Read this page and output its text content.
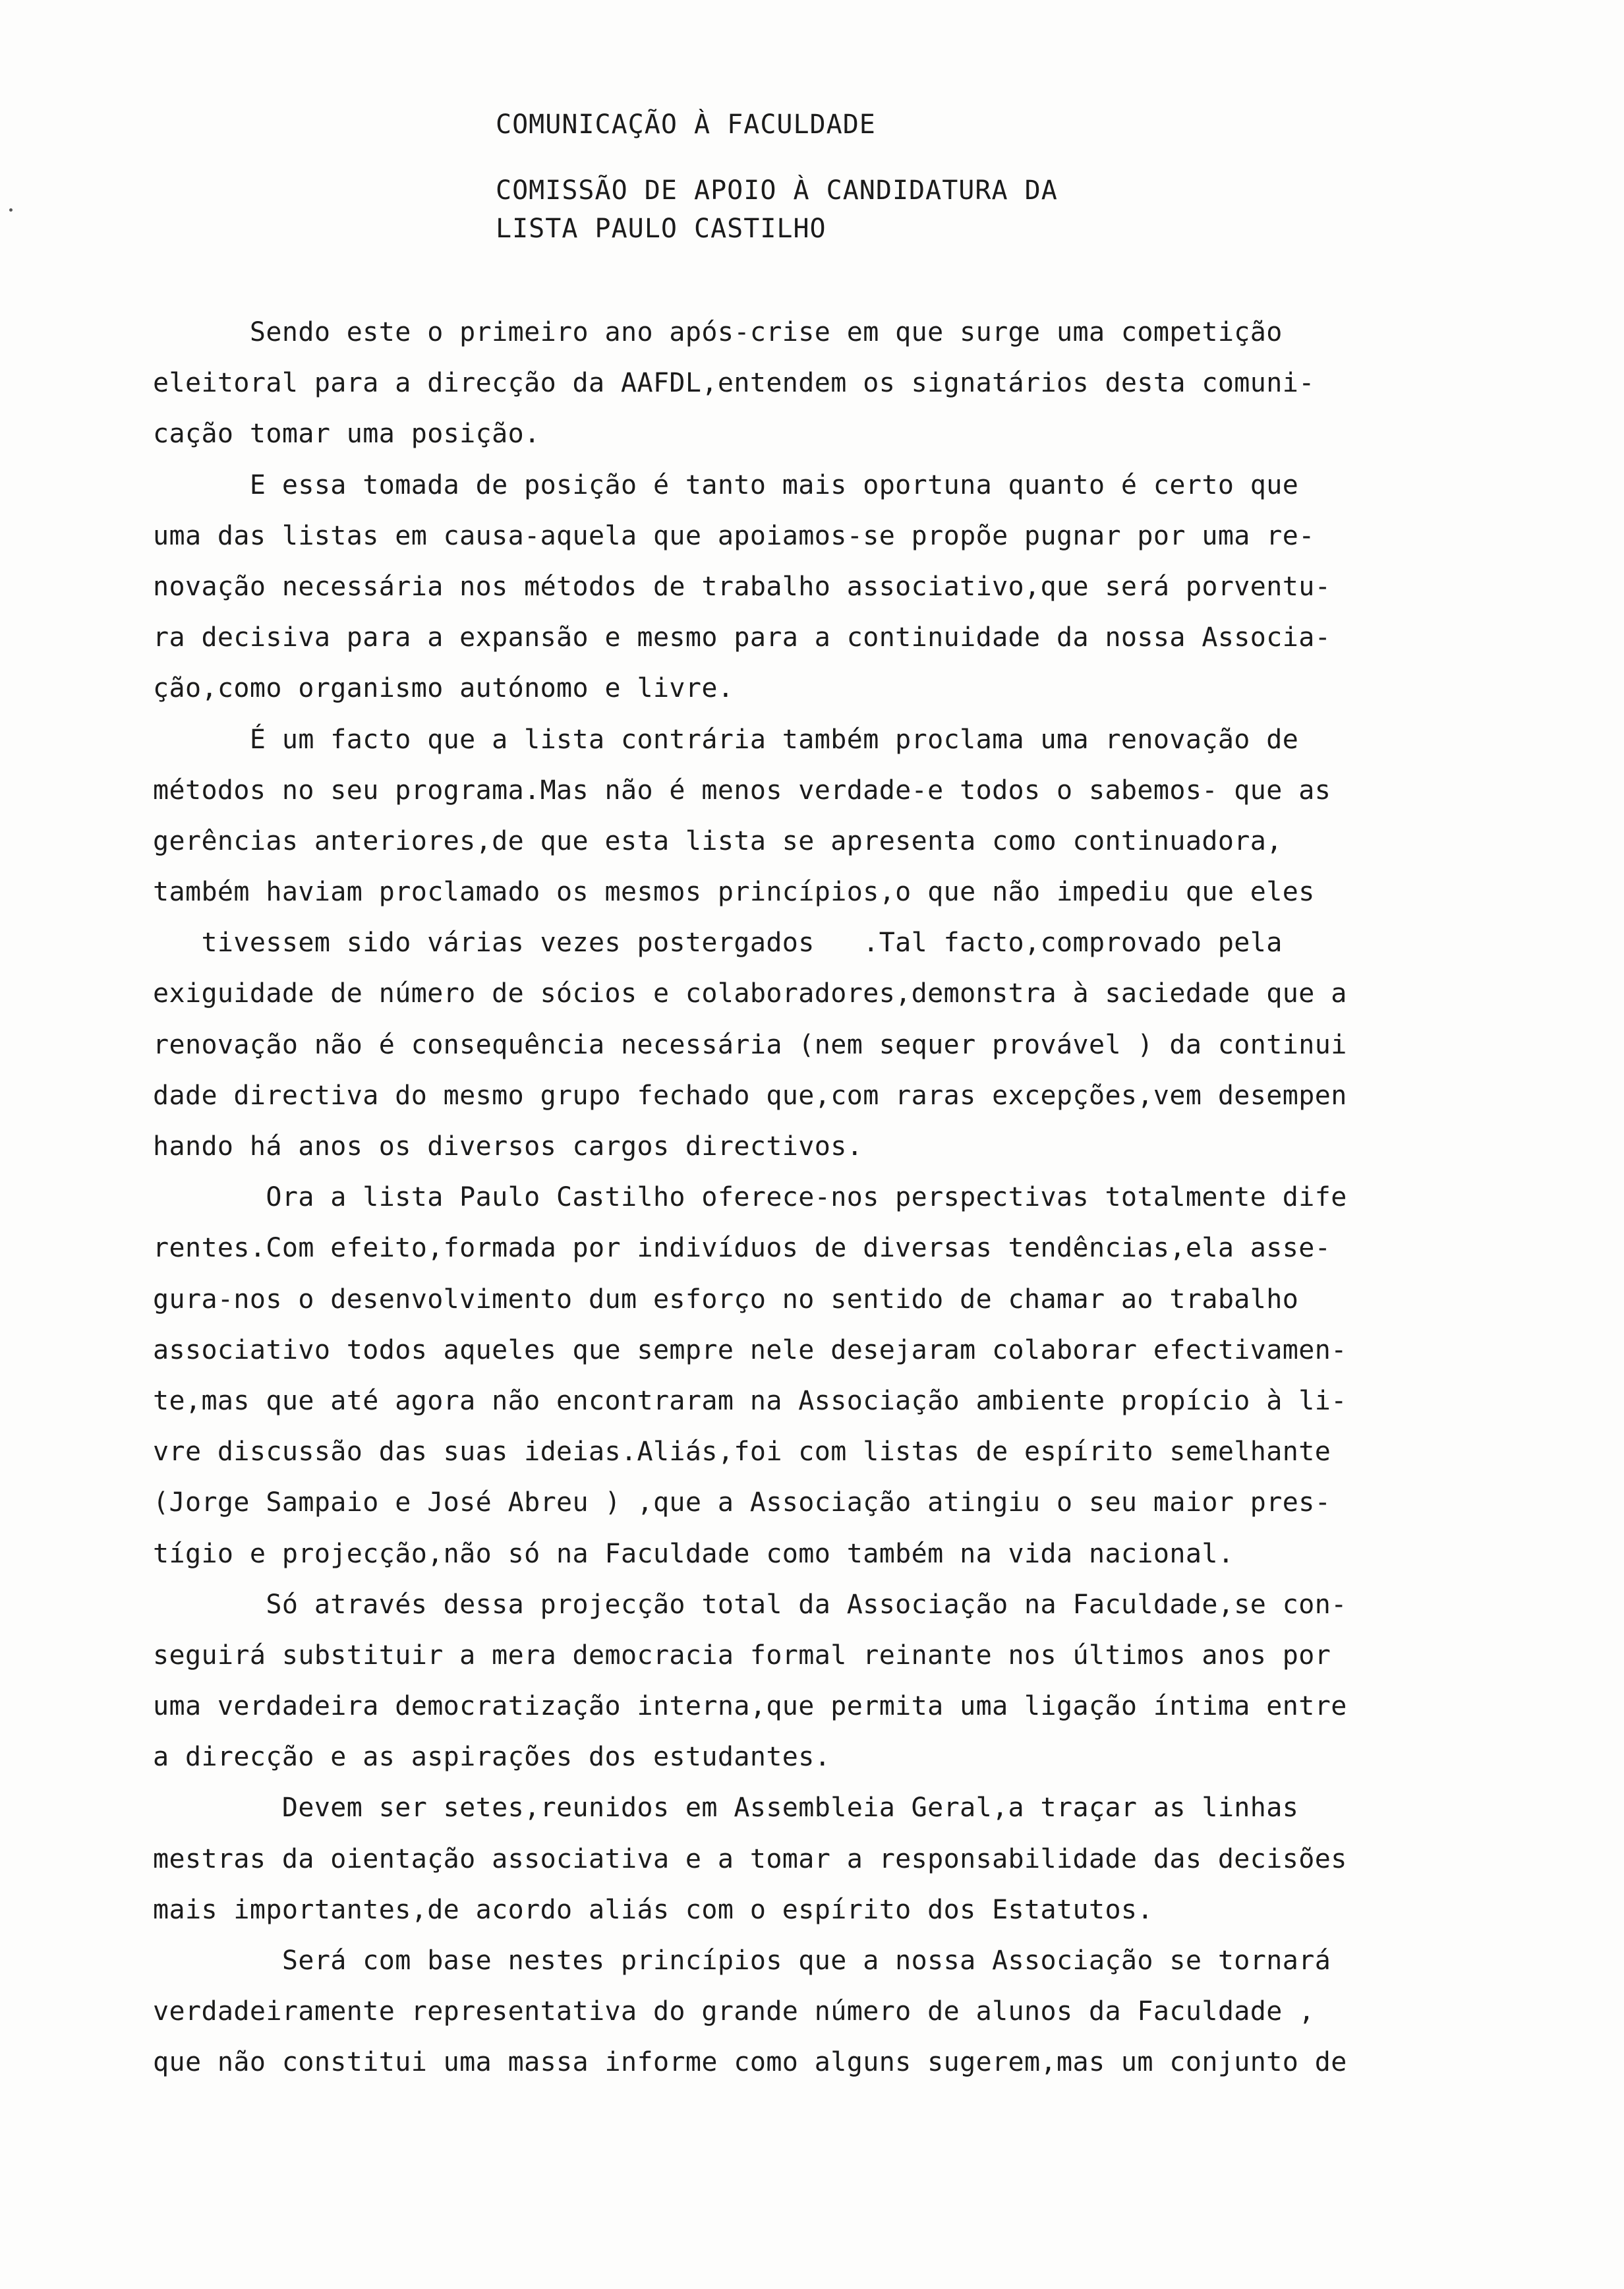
COMUNICAÇÃO À FACULDADE
COMISSÃO DE APOIO À CANDIDATURA DA
LISTA PAULO CASTILHO
Sendo este o primeiro ano após-crise em que surge uma competição
eleitoral para a direcção da AAFDL,entendem os signatários desta comuni-
cação tomar uma posição.
E essa tomada de posição é tanto mais oportuna quanto é certo que
uma das listas em causa-aquela que apoiamos-se propõe pugnar por uma re-
novação necessária nos métodos de trabalho associativo,que será porventu-
ra decisiva para a expansão e mesmo para a continuidade da nossa Associa-
ção,como organismo autónomo e livre.
É um facto que a lista contrária também proclama uma renovação de
métodos no seu programa.Mas não é menos verdade-e todos o sabemos- que as
gerências anteriores,de que esta lista se apresenta como continuadora,
também haviam proclamado os mesmos princípios,o que não impediu que eles
tivessem sido várias vezes postergados   .Tal facto,comprovado pela
exiguidade de número de sócios e colaboradores,demonstra à saciedade que a
renovação não é consequência necessária (nem sequer provável ) da continui
dade directiva do mesmo grupo fechado que,com raras excepções,vem desempen
hando há anos os diversos cargos directivos.
Ora a lista Paulo Castilho oferece-nos perspectivas totalmente dife
rentes.Com efeito,formada por indivíduos de diversas tendências,ela asse-
gura-nos o desenvolvimento dum esforço no sentido de chamar ao trabalho
associativo todos aqueles que sempre nele desejaram colaborar efectivamen-
te,mas que até agora não encontraram na Associação ambiente propício à li-
vre discussão das suas ideias.Aliás,foi com listas de espírito semelhante
(Jorge Sampaio e José Abreu ) ,que a Associação atingiu o seu maior pres-
tígio e projecção,não só na Faculdade como também na vida nacional.
Só através dessa projecção total da Associação na Faculdade,se con-
seguirá substituir a mera democracia formal reinante nos últimos anos por
uma verdadeira democratização interna,que permita uma ligação íntima entre
a direcção e as aspirações dos estudantes.
Devem ser setes,reunidos em Assembleia Geral,a traçar as linhas
mestras da oientação associativa e a tomar a responsabilidade das decisões
mais importantes,de acordo aliás com o espírito dos Estatutos.
Será com base nestes princípios que a nossa Associação se tornará
verdadeiramente representativa do grande número de alunos da Faculdade ,
que não constitui uma massa informe como alguns sugerem,mas um conjunto de
